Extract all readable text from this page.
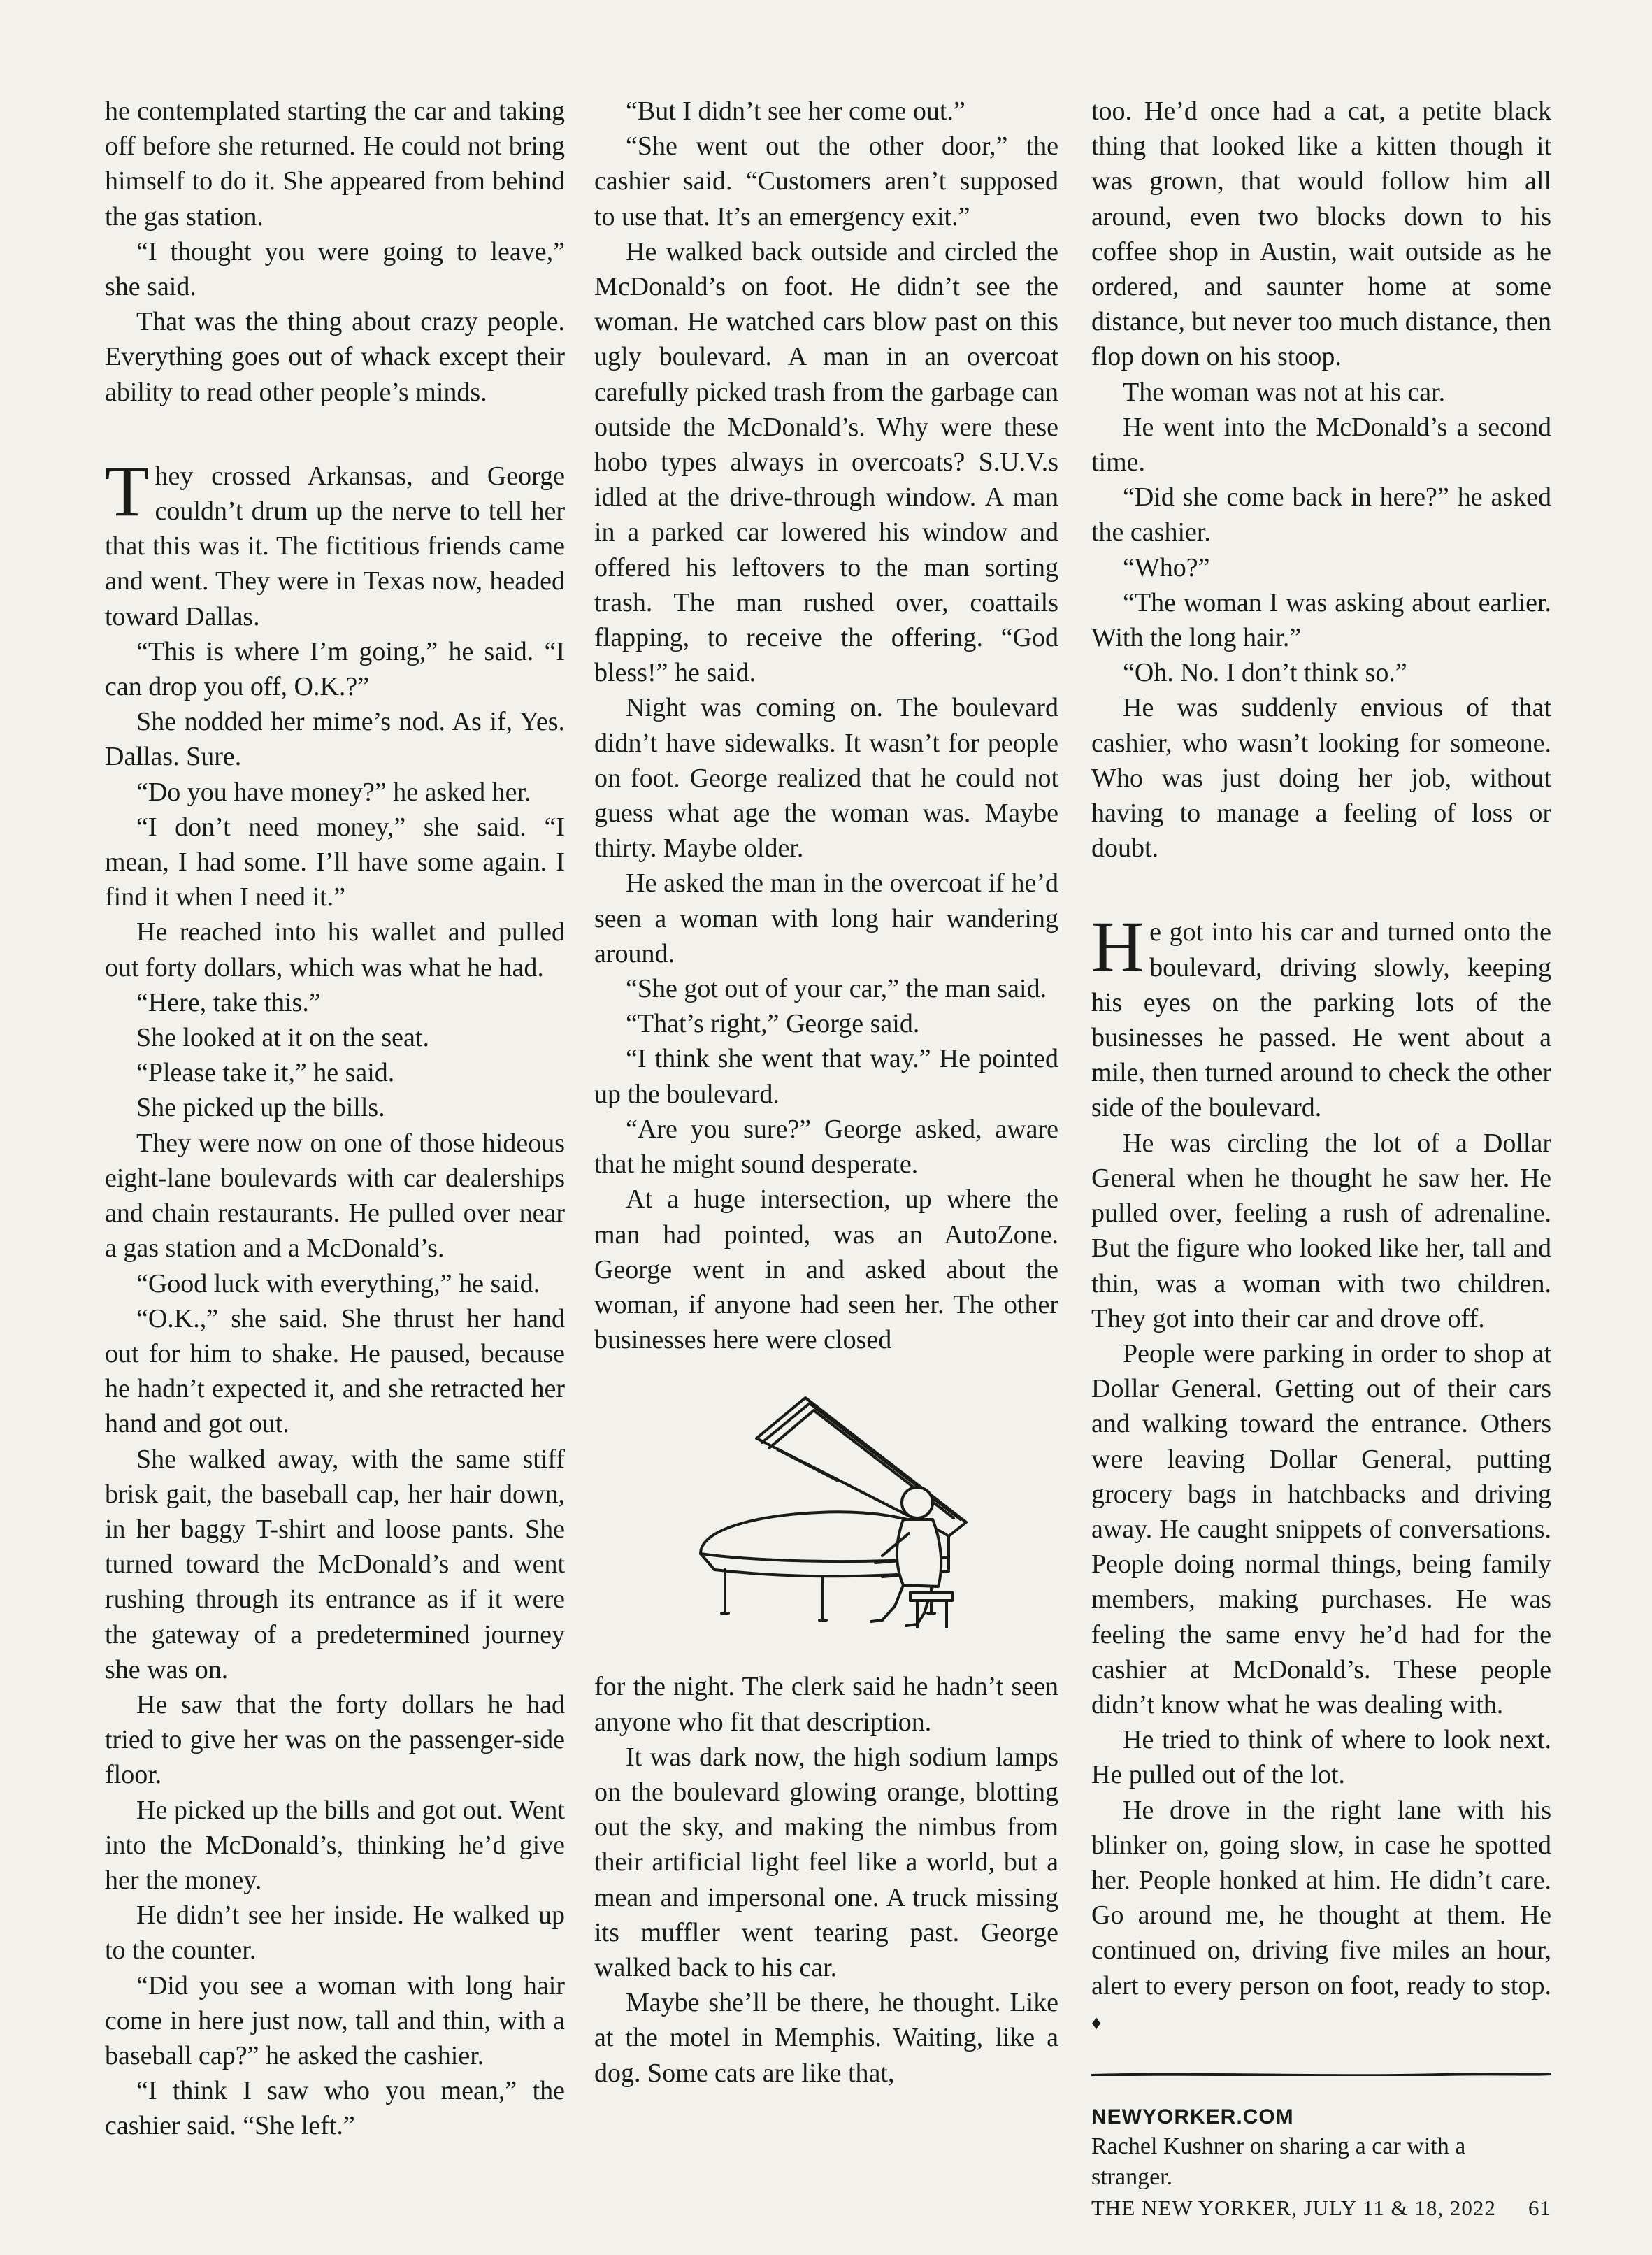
he contemplated starting the car and taking off before she returned. He could not bring himself to do it. She appeared from behind the gas station.

“I thought you were going to leave,” she said.

That was the thing about crazy people. Everything goes out of whack except their ability to read other people’s minds.

They crossed Arkansas, and George couldn’t drum up the nerve to tell her that this was it. The fictitious friends came and went. They were in Texas now, headed toward Dallas.

“This is where I’m going,” he said. “I can drop you off, O.K.?”

She nodded her mime’s nod. As if, Yes. Dallas. Sure.

“Do you have money?” he asked her.

“I don’t need money,” she said. “I mean, I had some. I’ll have some again. I find it when I need it.”

He reached into his wallet and pulled out forty dollars, which was what he had.

“Here, take this.”

She looked at it on the seat.

“Please take it,” he said.

She picked up the bills.

They were now on one of those hideous eight-lane boulevards with car dealerships and chain restaurants. He pulled over near a gas station and a McDonald’s.

“Good luck with everything,” he said.

“O.K.,” she said. She thrust her hand out for him to shake. He paused, because he hadn’t expected it, and she retracted her hand and got out.

She walked away, with the same stiff brisk gait, the baseball cap, her hair down, in her baggy T-shirt and loose pants. She turned toward the McDonald’s and went rushing through its entrance as if it were the gateway of a predetermined journey she was on.

He saw that the forty dollars he had tried to give her was on the passenger-side floor.

He picked up the bills and got out. Went into the McDonald’s, thinking he’d give her the money.

He didn’t see her inside. He walked up to the counter.

“Did you see a woman with long hair come in here just now, tall and thin, with a baseball cap?” he asked the cashier.

“I think I saw who you mean,” the cashier said. “She left.”

“But I didn’t see her come out.”

“She went out the other door,” the cashier said. “Customers aren’t supposed to use that. It’s an emergency exit.”

He walked back outside and circled the McDonald’s on foot. He didn’t see the woman. He watched cars blow past on this ugly boulevard. A man in an overcoat carefully picked trash from the garbage can outside the McDonald’s. Why were these hobo types always in overcoats? S.U.V.s idled at the drive-through window. A man in a parked car lowered his window and offered his leftovers to the man sorting trash. The man rushed over, coattails flapping, to receive the offering. “God bless!” he said.

Night was coming on. The boulevard didn’t have sidewalks. It wasn’t for people on foot. George realized that he could not guess what age the woman was. Maybe thirty. Maybe older.

He asked the man in the overcoat if he’d seen a woman with long hair wandering around.

“She got out of your car,” the man said.

“That’s right,” George said.

“I think she went that way.” He pointed up the boulevard.

“Are you sure?” George asked, aware that he might sound desperate.

At a huge intersection, up where the man had pointed, was an AutoZone. George went in and asked about the woman, if anyone had seen her. The other businesses here were closed

for the night. The clerk said he hadn’t seen anyone who fit that description.

It was dark now, the high sodium lamps on the boulevard glowing orange, blotting out the sky, and making the nimbus from their artificial light feel like a world, but a mean and impersonal one. A truck missing its muffler went tearing past. George walked back to his car.

Maybe she’ll be there, he thought. Like at the motel in Memphis. Waiting, like a dog. Some cats are like that,

too. He’d once had a cat, a petite black thing that looked like a kitten though it was grown, that would follow him all around, even two blocks down to his coffee shop in Austin, wait outside as he ordered, and saunter home at some distance, but never too much distance, then flop down on his stoop.

The woman was not at his car.

He went into the McDonald’s a second time.

“Did she come back in here?” he asked the cashier.

“Who?”

“The woman I was asking about earlier. With the long hair.”

“Oh. No. I don’t think so.”

He was suddenly envious of that cashier, who wasn’t looking for someone. Who was just doing her job, without having to manage a feeling of loss or doubt.

He got into his car and turned onto the boulevard, driving slowly, keeping his eyes on the parking lots of the businesses he passed. He went about a mile, then turned around to check the other side of the boulevard.

He was circling the lot of a Dollar General when he thought he saw her. He pulled over, feeling a rush of adrenaline. But the figure who looked like her, tall and thin, was a woman with two children. They got into their car and drove off.

People were parking in order to shop at Dollar General. Getting out of their cars and walking toward the entrance. Others were leaving Dollar General, putting grocery bags in hatchbacks and driving away. He caught snippets of conversations. People doing normal things, being family members, making purchases. He was feeling the same envy he’d had for the cashier at McDonald’s. These people didn’t know what he was dealing with.

He tried to think of where to look next. He pulled out of the lot.

He drove in the right lane with his blinker on, going slow, in case he spotted her. People honked at him. He didn’t care. Go around me, he thought at them. He continued on, driving five miles an hour, alert to every person on foot, ready to stop. ♦

NEWYORKER.COM
Rachel Kushner on sharing a car with a stranger.
THE NEW YORKER, JULY 11 & 18, 2022 61
